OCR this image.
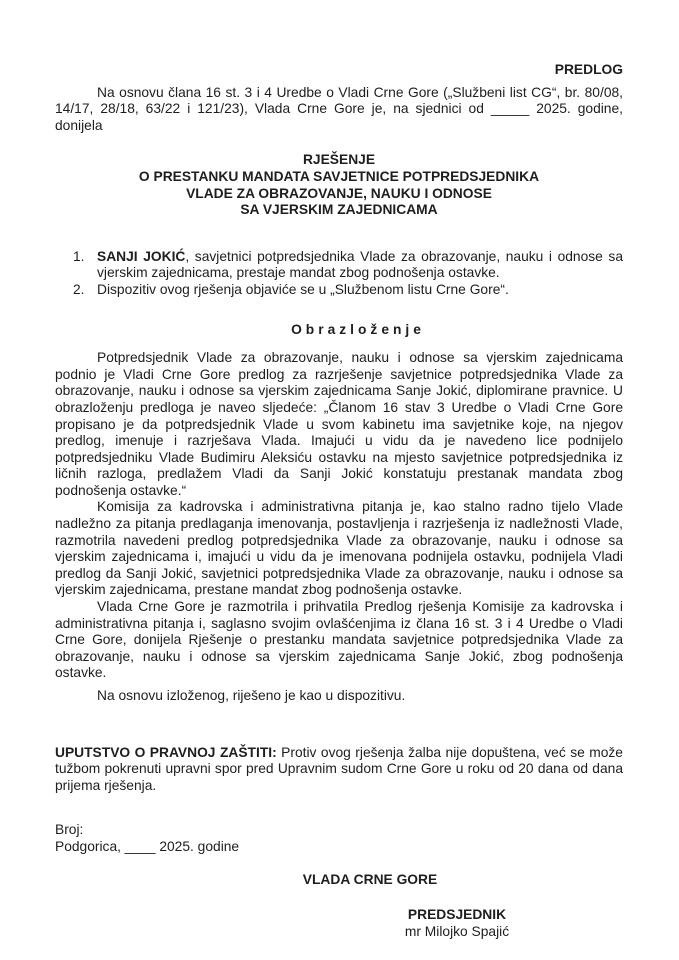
PREDLOG

Na osnovu člana 16 st. 3 i 4 Uredbe o Vladi Crne Gore („Službeni list CG“, br. 80/08, 14/17, 28/18, 63/22 i 121/23), Vlada Crne Gore je, na sjednici od _____ 2025. godine, donijela

RJEŠENJE
O PRESTANKU MANDATA SAVJETNICE POTPREDSJEDNIKA
VLADE ZA OBRAZOVANJE, NAUKU I ODNOSE
SA VJERSKIM ZAJEDNICAMA
1. SANJI JOKIĆ, savjetnici potpredsjednika Vlade za obrazovanje, nauku i odnose sa vjerskim zajednicama, prestaje mandat zbog podnošenja ostavke.
2. Dispozitiv ovog rješenja objaviće se u „Službenom listu Crne Gore“.
Obrazloženje

Potpredsjednik Vlade za obrazovanje, nauku i odnose sa vjerskim zajednicama podnio je Vladi Crne Gore predlog za razrješenje savjetnice potpredsjednika Vlade za obrazovanje, nauku i odnose sa vjerskim zajednicama Sanje Jokić, diplomirane pravnice. U obrazloženju predloga je naveo sljedeće: „Članom 16 stav 3 Uredbe o Vladi Crne Gore propisano je da potpredsjednik Vlade u svom kabinetu ima savjetnike koje, na njegov predlog, imenuje i razrješava Vlada. Imajući u vidu da je navedeno lice podnijelo potpredsjedniku Vlade Budimiru Aleksiću ostavku na mjesto savjetnice potpredsjednika iz ličnih razloga, predlažem Vladi da Sanji Jokić konstatuju prestanak mandata zbog podnošenja ostavke.“

Komisija za kadrovska i administrativna pitanja je, kao stalno radno tijelo Vlade nadležno za pitanja predlaganja imenovanja, postavljenja i razrješenja iz nadležnosti Vlade, razmotrila navedeni predlog potpredsjednika Vlade za obrazovanje, nauku i odnose sa vjerskim zajednicama i, imajući u vidu da je imenovana podnijela ostavku, podnijela Vladi predlog da Sanji Jokić, savjetnici potpredsjednika Vlade za obrazovanje, nauku i odnose sa vjerskim zajednicama, prestane mandat zbog podnošenja ostavke.

Vlada Crne Gore je razmotrila i prihvatila Predlog rješenja Komisije za kadrovska i administrativna pitanja i, saglasno svojim ovlašćenjima iz člana 16 st. 3 i 4 Uredbe o Vladi Crne Gore, donijela Rješenje o prestanku mandata savjetnice potpredsjednika Vlade za obrazovanje, nauku i odnose sa vjerskim zajednicama Sanje Jokić, zbog podnošenja ostavke.

Na osnovu izloženog, riješeno je kao u dispozitivu.

UPUTSTVO O PRAVNOJ ZAŠTITI: Protiv ovog rješenja žalba nije dopuštena, već se može tužbom pokrenuti upravni spor pred Upravnim sudom Crne Gore u roku od 20 dana od dana prijema rješenja.

Broj:
Podgorica, ____ 2025. godine
VLADA CRNE GORE
PREDSJEDNIK
mr Milojko Spajić
